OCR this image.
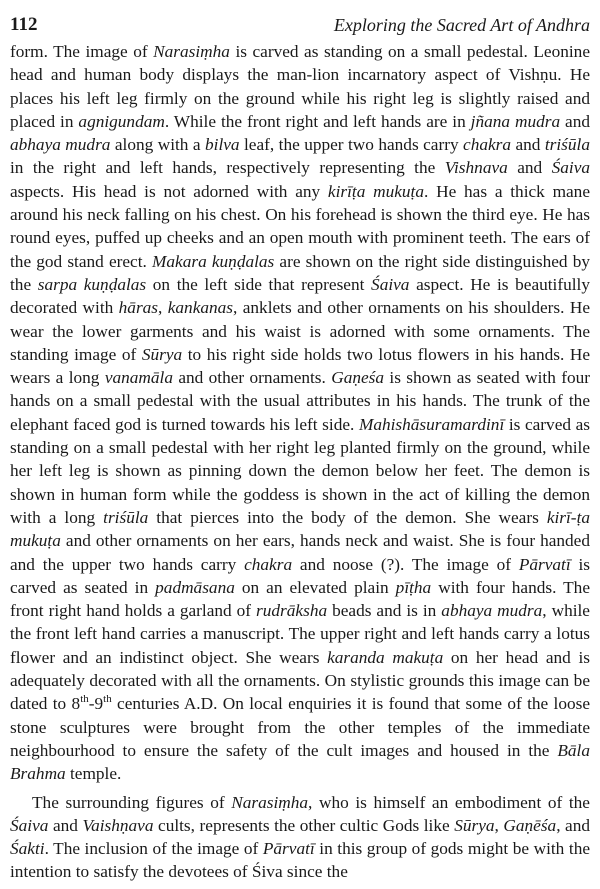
112	Exploring the Sacred Art of Andhra

form. The image of Narasiṃha is carved as standing on a small pedestal. Leonine head and human body displays the man-lion incarnatory aspect of Vishṇu. He places his left leg firmly on the ground while his right leg is slightly raised and placed in agnigundam. While the front right and left hands are in jñana mudra and abhaya mudra along with a bilva leaf, the upper two hands carry chakra and triśūla in the right and left hands, respectively representing the Vishnava and Śaiva aspects. His head is not adorned with any kirīṭa mukuṭa. He has a thick mane around his neck falling on his chest. On his forehead is shown the third eye. He has round eyes, puffed up cheeks and an open mouth with prominent teeth. The ears of the god stand erect. Makara kuṇḍalas are shown on the right side distinguished by the sarpa kuṇḍalas on the left side that represent Śaiva aspect. He is beautifully decorated with hāras, kankanas, anklets and other ornaments on his shoulders. He wear the lower garments and his waist is adorned with some ornaments. The standing image of Sūrya to his right side holds two lotus flowers in his hands. He wears a long vanamāla and other ornaments. Gaṇeśa is shown as seated with four hands on a small pedestal with the usual attributes in his hands. The trunk of the elephant faced god is turned towards his left side. Mahishāsuramardinī is carved as standing on a small pedestal with her right leg planted firmly on the ground, while her left leg is shown as pinning down the demon below her feet. The demon is shown in human form while the goddess is shown in the act of killing the demon with a long triśūla that pierces into the body of the demon. She wears kirī-ṭa mukuṭa and other ornaments on her ears, hands neck and waist. She is four handed and the upper two hands carry chakra and noose (?). The image of Pārvatī is carved as seated in padmāsana on an elevated plain pīṭha with four hands. The front right hand holds a garland of rudrāksha beads and is in abhaya mudra, while the front left hand carries a manuscript. The upper right and left hands carry a lotus flower and an indistinct object. She wears karanda makuṭa on her head and is adequately decorated with all the ornaments. On stylistic grounds this image can be dated to 8th-9th centuries A.D. On local enquiries it is found that some of the loose stone sculptures were brought from the other temples of the immediate neighbourhood to ensure the safety of the cult images and housed in the Bāla Brahma temple.

The surrounding figures of Narasiṃha, who is himself an embodiment of the Śaiva and Vaishṇava cults, represents the other cultic Gods like Sūrya, Gaṇēśa, and Śakti. The inclusion of the image of Pārvatī in this group of gods might be with the intention to satisfy the devotees of Śiva since the
